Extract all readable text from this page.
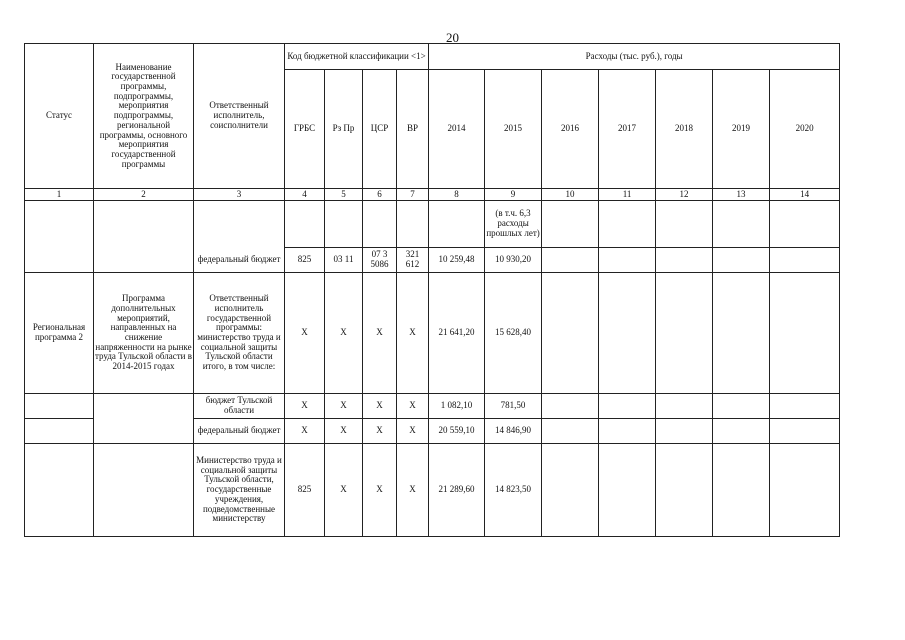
20
Статус	Наименование государственной программы, подпрограммы, мероприятия подпрограммы, региональной программы, основного мероприятия государственной программы	Ответственный исполнитель, соисполнители	Код бюджетной классификации <1>				Расходы (тыс. руб.), годы						
			ГРБС	Рз Пр	ЦСР	ВР	2014	2015	2016	2017	2018	2019	2020
1	2	3	4	5	6	7	8	9	10	11	12	13	14
								(в т.ч. 6,3 расходы прошлых лет)					
		федеральный бюджет	825	03 11	07 3 5086	321 612	10 259,48	10 930,20					
Региональная программа 2	Программа дополнительных мероприятий, направленных на снижение напряженности на рынке труда Тульской области в 2014-2015 годах	Ответственный исполнитель государственной программы: министерство труда и социальной защиты Тульской области итого, в том числе:	Х	Х	Х	Х	21 641,20	15 628,40					
		бюджет Тульской области	Х	Х	Х	Х	1 082,10	781,50					
		федеральный бюджет	Х	Х	Х	Х	20 559,10	14 846,90					
		Министерство труда и социальной защиты Тульской области, государственные учреждения, подведомственные министерству	825	Х	Х	Х	21 289,60	14 823,50					
